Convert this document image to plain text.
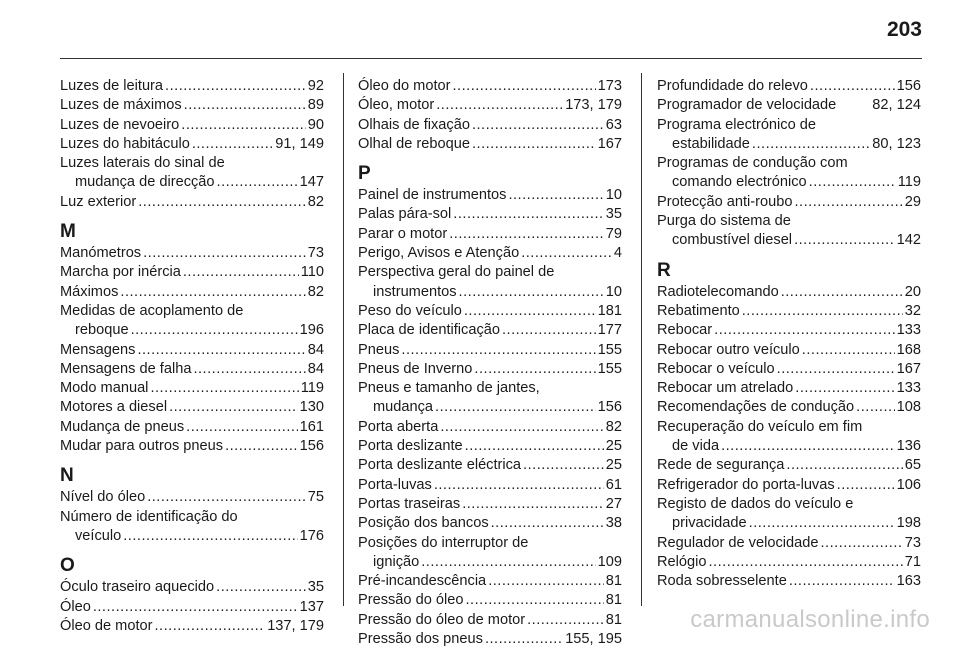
203
Luzes de leitura .....	92
Luzes de máximos .....	89
Luzes de nevoeiro .....	90
Luzes do habitáculo .....	91, 149
Luzes laterais do sinal de
mudança de direcção .....	147
Luz exterior .....	82
M
Manómetros .....	73
Marcha por inércia .....	110
Máximos .....	82
Medidas de acoplamento de
reboque .....	196
Mensagens .....	84
Mensagens de falha .....	84
Modo manual .....	119
Motores a diesel .....	130
Mudança de pneus .....	161
Mudar para outros pneus .....	156
N
Nível do óleo .....	75
Número de identificação do
veículo .....	176
O
Óculo traseiro aquecido .....	35
Óleo .....	137
Óleo de motor .....	137, 179
Óleo do motor .....	173
Óleo, motor .....	173, 179
Olhais de fixação .....	63
Olhal de reboque .....	167
P
Painel de instrumentos .....	10
Palas pára-sol .....	35
Parar o motor .....	79
Perigo, Avisos e Atenção .....	4
Perspectiva geral do painel de
instrumentos .....	10
Peso do veículo .....	181
Placa de identificação .....	177
Pneus .....	155
Pneus de Inverno .....	155
Pneus e tamanho de jantes,
mudança .....	156
Porta aberta .....	82
Porta deslizante .....	25
Porta deslizante eléctrica .....	25
Porta-luvas .....	61
Portas traseiras .....	27
Posição dos bancos .....	38
Posições do interruptor de
ignição .....	109
Pré-incandescência .....	81
Pressão do óleo .....	81
Pressão do óleo de motor .....	81
Pressão dos pneus .....	155, 195
Profundidade do relevo .....	156
Programador de velocidade 82, 124
Programa electrónico de
estabilidade .....	80, 123
Programas de condução com
comando electrónico .....	119
Protecção anti-roubo .....	29
Purga do sistema de
combustível diesel .....	142
R
Radiotelecomando .....	20
Rebatimento .....	32
Rebocar .....	133
Rebocar outro veículo .....	168
Rebocar o veículo .....	167
Rebocar um atrelado .....	133
Recomendações de condução .....	108
Recuperação do veículo em fim
de vida .....	136
Rede de segurança .....	65
Refrigerador do porta-luvas .....	106
Registo de dados do veículo e
privacidade .....	198
Regulador de velocidade .....	73
Relógio .....	71
Roda sobresselente .....	163
carmanualsonline.info
